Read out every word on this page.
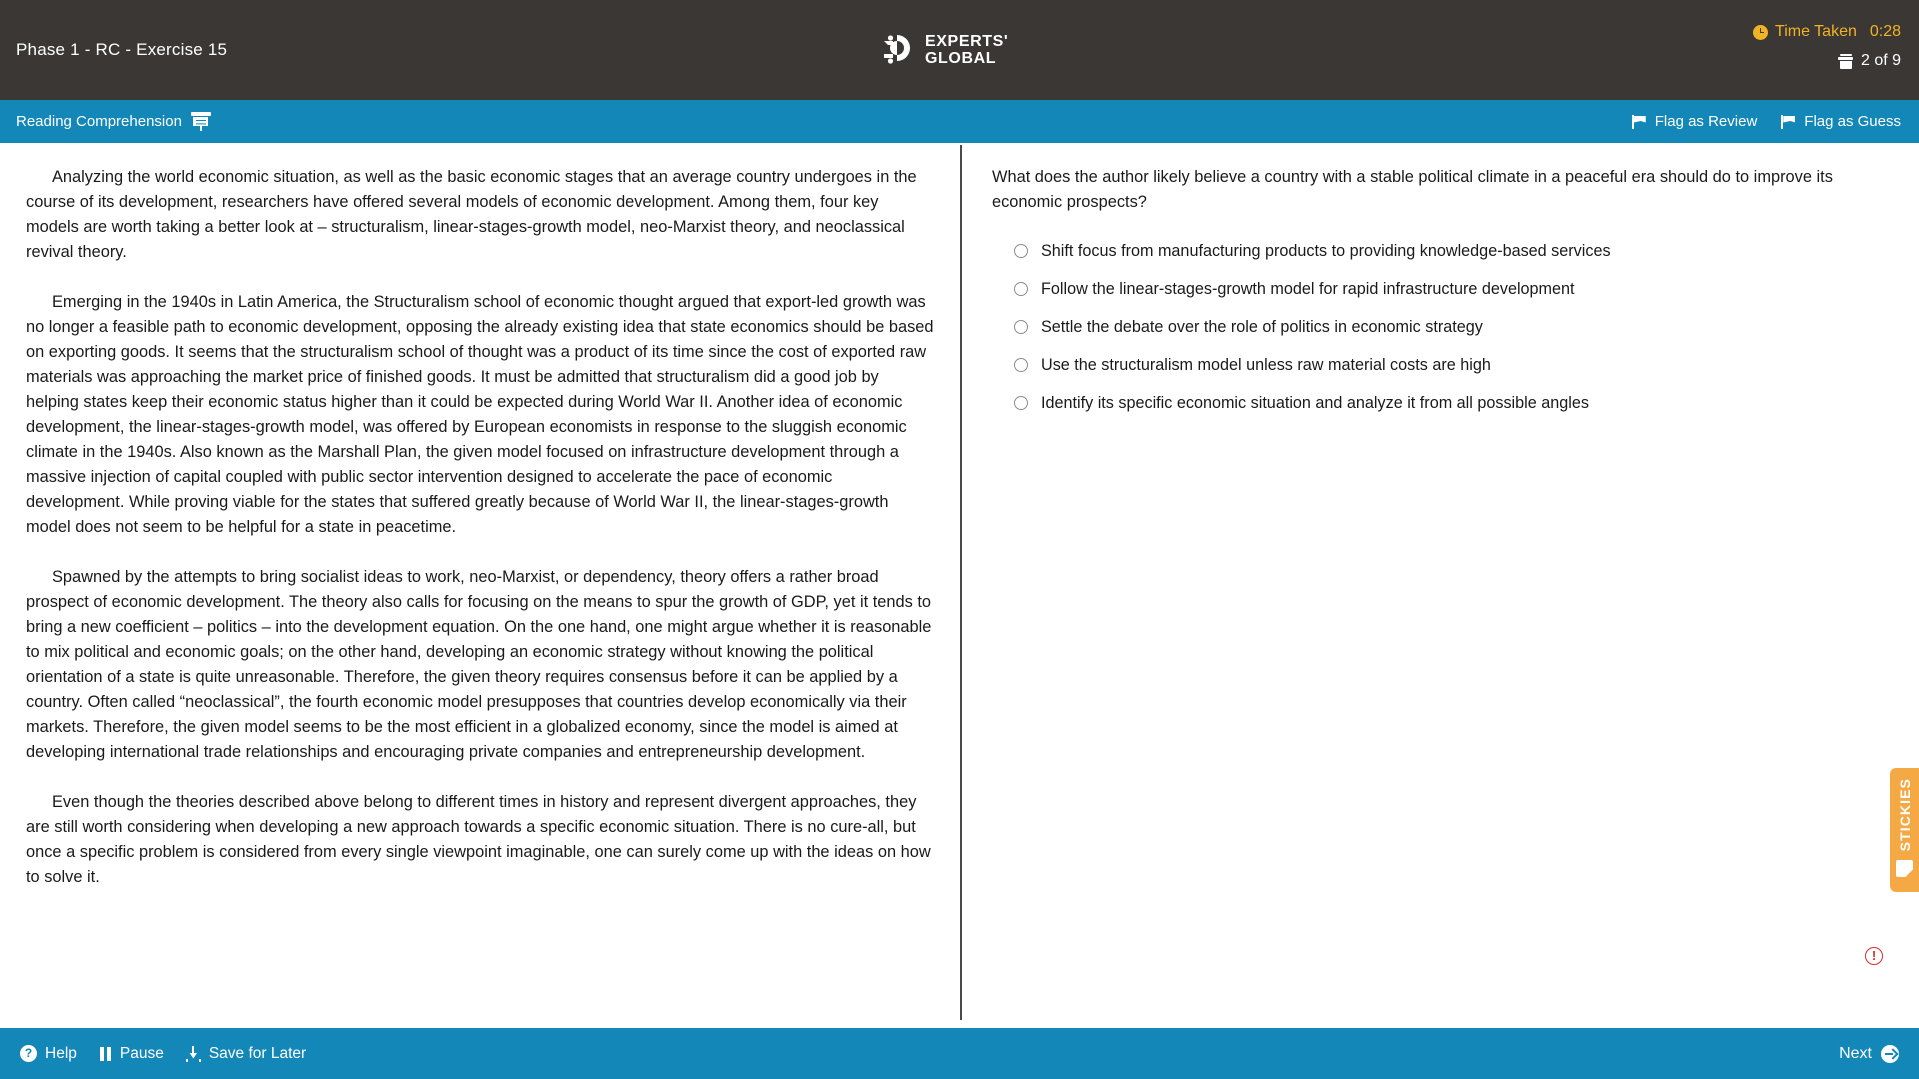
Phase 1 - RC - Exercise 15	EXPERTS'
GLOBAL
Time Taken 0:28
2 of 9
Reading Comprehension	Flag as Review	Flag as Guess

Analyzing the world economic situation, as well as the basic economic stages that an average country undergoes in the course of its development, researchers have offered several models of economic development. Among them, four key models are worth taking a better look at – structuralism, linear-stages-growth model, neo-Marxist theory, and neoclassical revival theory.

Emerging in the 1940s in Latin America, the Structuralism school of economic thought argued that export-led growth was no longer a feasible path to economic development, opposing the already existing idea that state economics should be based on exporting goods. It seems that the structuralism school of thought was a product of its time since the cost of exported raw materials was approaching the market price of finished goods. It must be admitted that structuralism did a good job by helping states keep their economic status higher than it could be expected during World War II. Another idea of economic development, the linear-stages-growth model, was offered by European economists in response to the sluggish economic climate in the 1940s. Also known as the Marshall Plan, the given model focused on infrastructure development through a massive injection of capital coupled with public sector intervention designed to accelerate the pace of economic development. While proving viable for the states that suffered greatly because of World War II, the linear-stages-growth model does not seem to be helpful for a state in peacetime.

Spawned by the attempts to bring socialist ideas to work, neo-Marxist, or dependency, theory offers a rather broad prospect of economic development. The theory also calls for focusing on the means to spur the growth of GDP, yet it tends to bring a new coefficient – politics – into the development equation. On the one hand, one might argue whether it is reasonable to mix political and economic goals; on the other hand, developing an economic strategy without knowing the political orientation of a state is quite unreasonable. Therefore, the given theory requires consensus before it can be applied by a country. Often called “neoclassical”, the fourth economic model presupposes that countries develop economically via their markets. Therefore, the given model seems to be the most efficient in a globalized economy, since the model is aimed at developing international trade relationships and encouraging private companies and entrepreneurship development.

Even though the theories described above belong to different times in history and represent divergent approaches, they are still worth considering when developing a new approach towards a specific economic situation. There is no cure-all, but once a specific problem is considered from every single viewpoint imaginable, one can surely come up with the ideas on how to solve it.

What does the author likely believe a country with a stable political climate in a peaceful era should do to improve its economic prospects?
Shift focus from manufacturing products to providing knowledge-based services
Follow the linear-stages-growth model for rapid infrastructure development
Settle the debate over the role of politics in economic strategy
Use the structuralism model unless raw material costs are high
Identify its specific economic situation and analyze it from all possible angles
STICKIES
!
? Help	Pause	Save for Later	Next
